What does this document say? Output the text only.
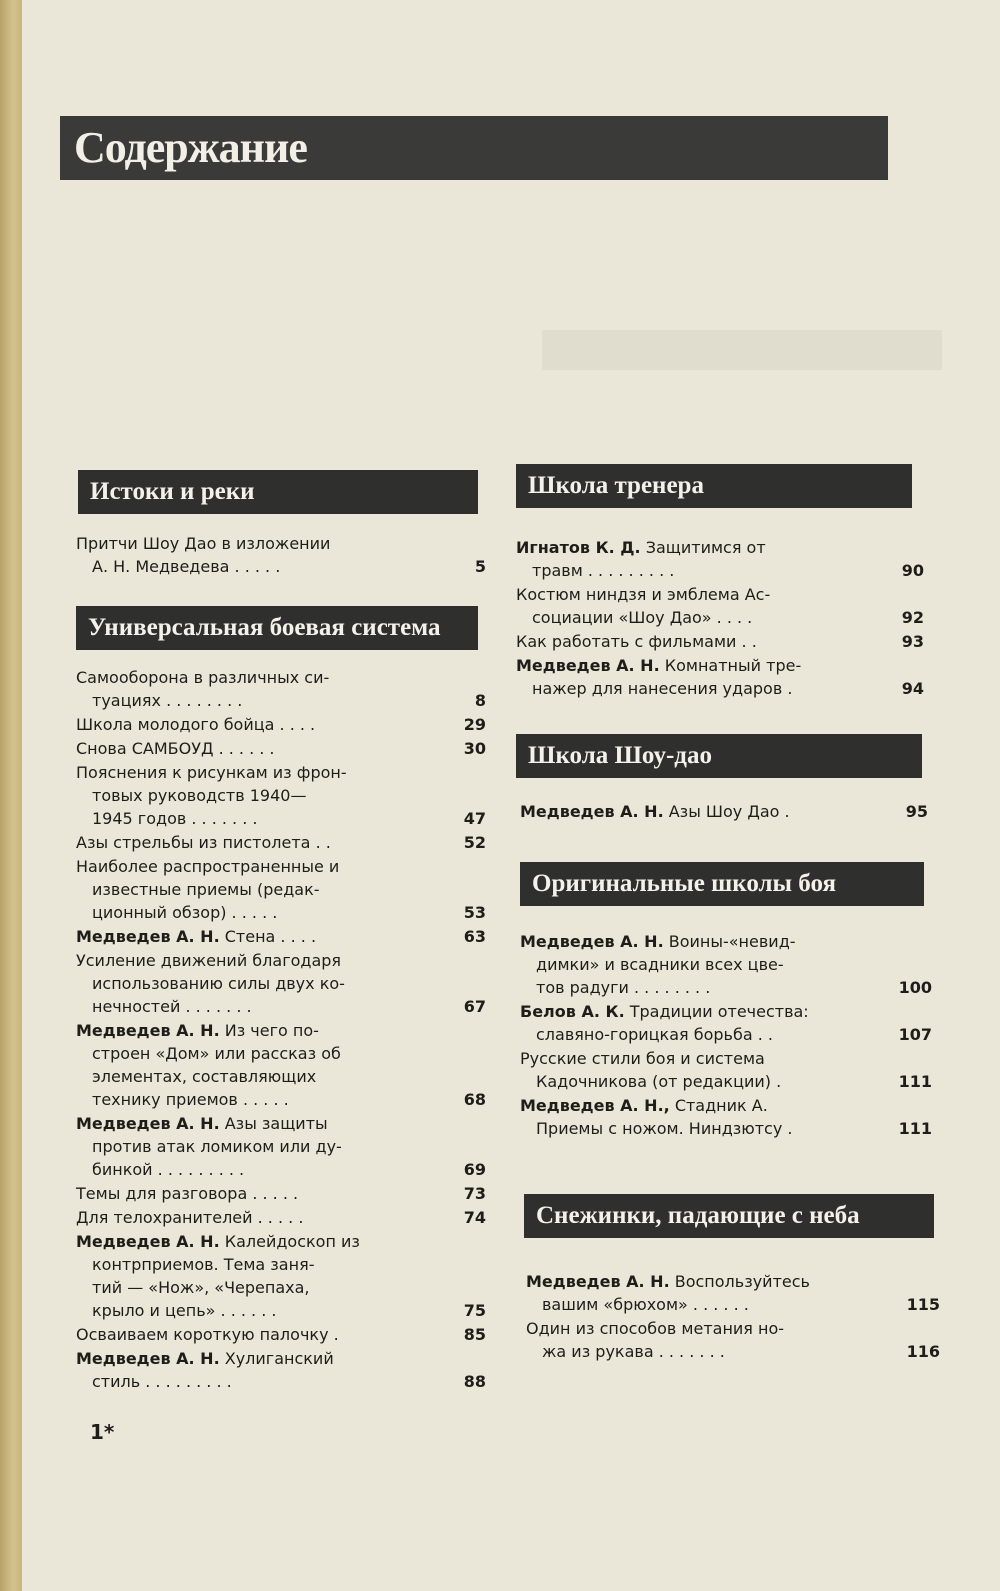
Содержание
Истоки и реки
Притчи Шоу Дао в изложении
А. Н. Медведева . . . . .	5
Универсальная боевая система
Самооборона в различных си-
туациях . . . . . . . .	8
Школа молодого бойца . . . .	29
Снова САМБОУД . . . . . .	30
Пояснения к рисункам из фрон-
товых руководств 1940—
1945 годов . . . . . . .	47
Азы стрельбы из пистолета . .	52
Наиболее распространенные и
известные приемы (редак-
ционный обзор) . . . . .	53
Медведев А. Н. Стена . . . .	63
Усиление движений благодаря
использованию силы двух ко-
нечностей . . . . . . .	67
Медведев А. Н. Из чего по-
строен «Дом» или рассказ об
элементах, составляющих
технику приемов . . . . .	68
Медведев А. Н. Азы защиты
против атак ломиком или ду-
бинкой . . . . . . . . .	69
Темы для разговора . . . . .	73
Для телохранителей . . . . .	74
Медведев А. Н. Калейдоскоп из
контрприемов. Тема заня-
тий — «Нож», «Черепаха,
крыло и цепь» . . . . . .	75
Осваиваем короткую палочку .	85
Медведев А. Н. Хулиганский
стиль . . . . . . . . .	88
Школа тренера
Игнатов К. Д. Защитимся от
травм . . . . . . . . .	90
Костюм ниндзя и эмблема Ас-
социации «Шоу Дао» . . . .	92
Как работать с фильмами . .	93
Медведев А. Н. Комнатный тре-
нажер для нанесения ударов .	94
Школа Шоу-дао
Медведев А. Н. Азы Шоу Дао .	95
Оригинальные школы боя
Медведев А. Н. Воины-«невид-
димки» и всадники всех цве-
тов радуги . . . . . . . .	100
Белов А. К. Традиции отечества:
славяно-горицкая борьба . .	107
Русские стили боя и система
Кадочникова (от редакции) .	111
Медведев А. Н., Стадник А.
Приемы с ножом. Ниндзютсу .	111
Снежинки, падающие с неба
Медведев А. Н. Воспользуйтесь
вашим «брюхом» . . . . . .	115
Один из способов метания но-
жа из рукава . . . . . . .	116
1*
